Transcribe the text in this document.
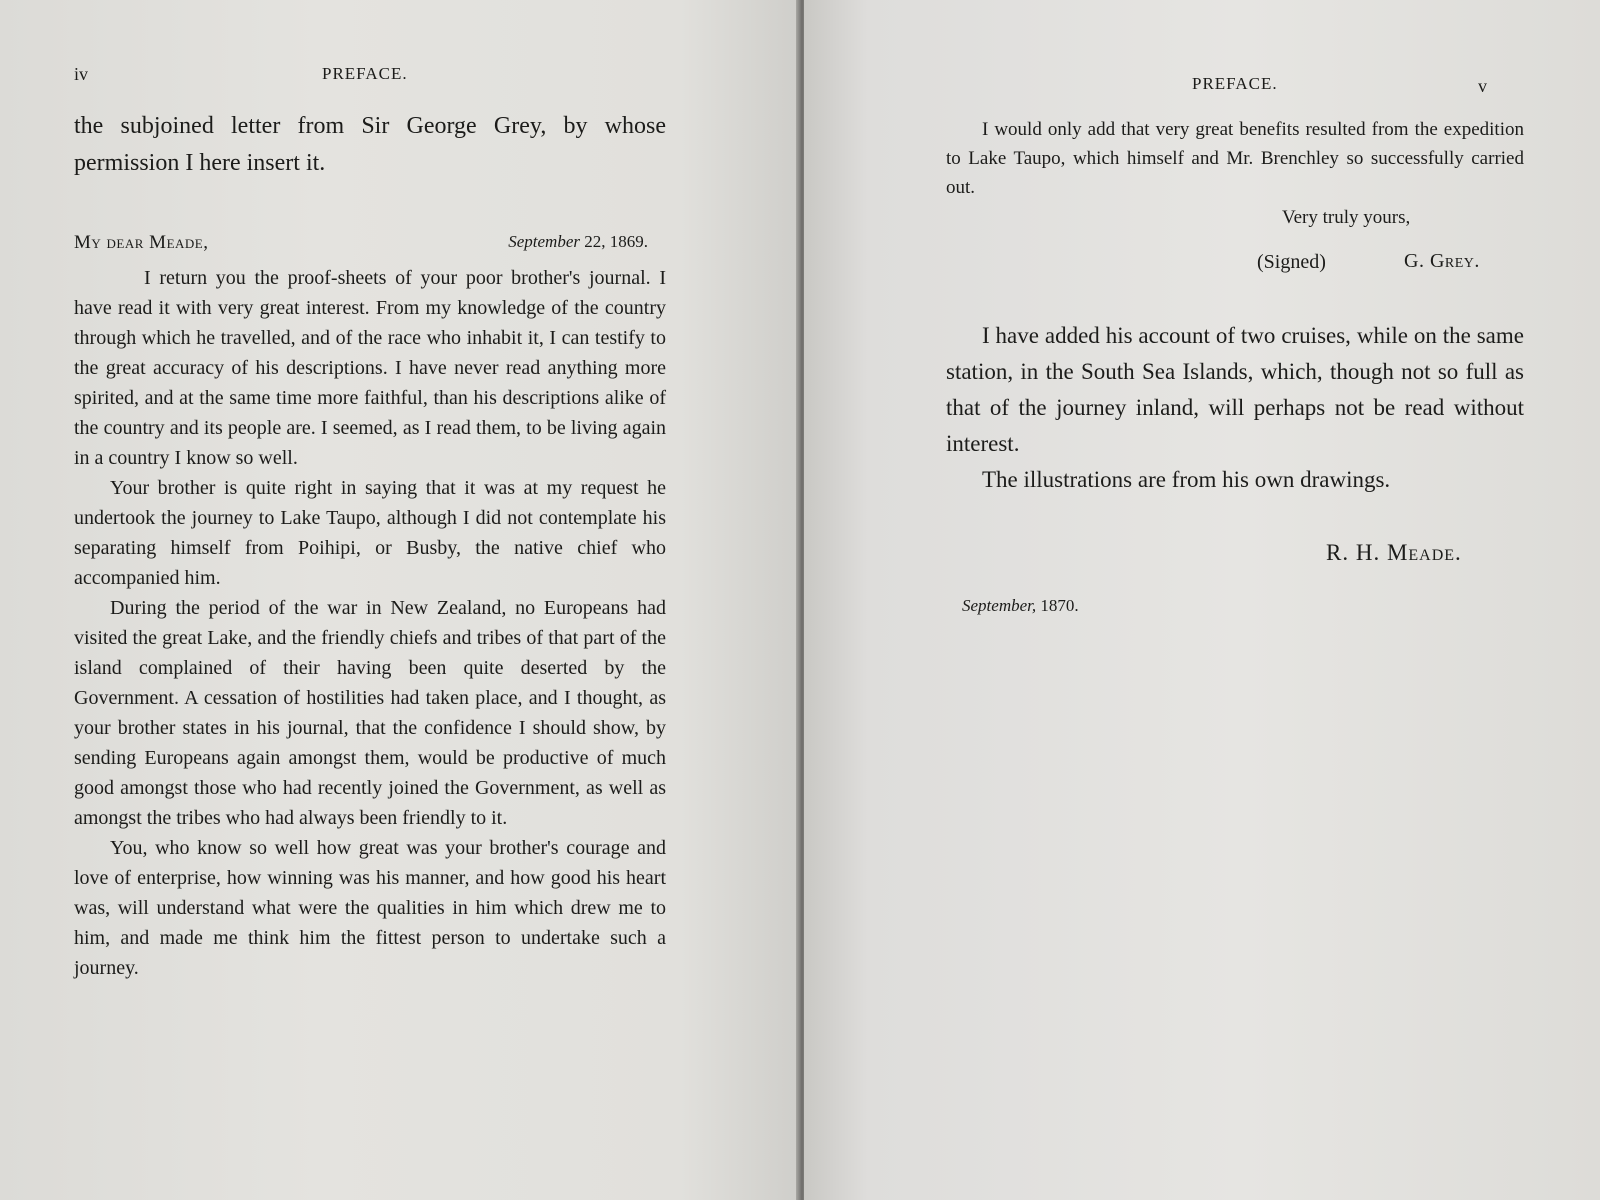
iv	PREFACE.
the subjoined letter from Sir George Grey, by whose permission I here insert it.
My dear Meade,	September 22, 1869.

I return you the proof-sheets of your poor brother's journal. I have read it with very great interest. From my knowledge of the country through which he travelled, and of the race who inhabit it, I can testify to the great accuracy of his descriptions. I have never read anything more spirited, and at the same time more faithful, than his descriptions alike of the country and its people are. I seemed, as I read them, to be living again in a country I know so well.

Your brother is quite right in saying that it was at my request he undertook the journey to Lake Taupo, although I did not contemplate his separating himself from Poihipi, or Busby, the native chief who accompanied him.

During the period of the war in New Zealand, no Europeans had visited the great Lake, and the friendly chiefs and tribes of that part of the island complained of their having been quite deserted by the Government. A cessation of hostilities had taken place, and I thought, as your brother states in his journal, that the confidence I should show, by sending Europeans again amongst them, would be productive of much good amongst those who had recently joined the Government, as well as amongst the tribes who had always been friendly to it.

You, who know so well how great was your brother's courage and love of enterprise, how winning was his manner, and how good his heart was, will understand what were the qualities in him which drew me to him, and made me think him the fittest person to undertake such a journey.

PREFACE.	v

I would only add that very great benefits resulted from the expedition to Lake Taupo, which himself and Mr. Brenchley so successfully carried out.

Very truly yours,
(Signed)	G. Grey.

I have added his account of two cruises, while on the same station, in the South Sea Islands, which, though not so full as that of the journey inland, will perhaps not be read without interest.

The illustrations are from his own drawings.

R. H. Meade.
September, 1870.
